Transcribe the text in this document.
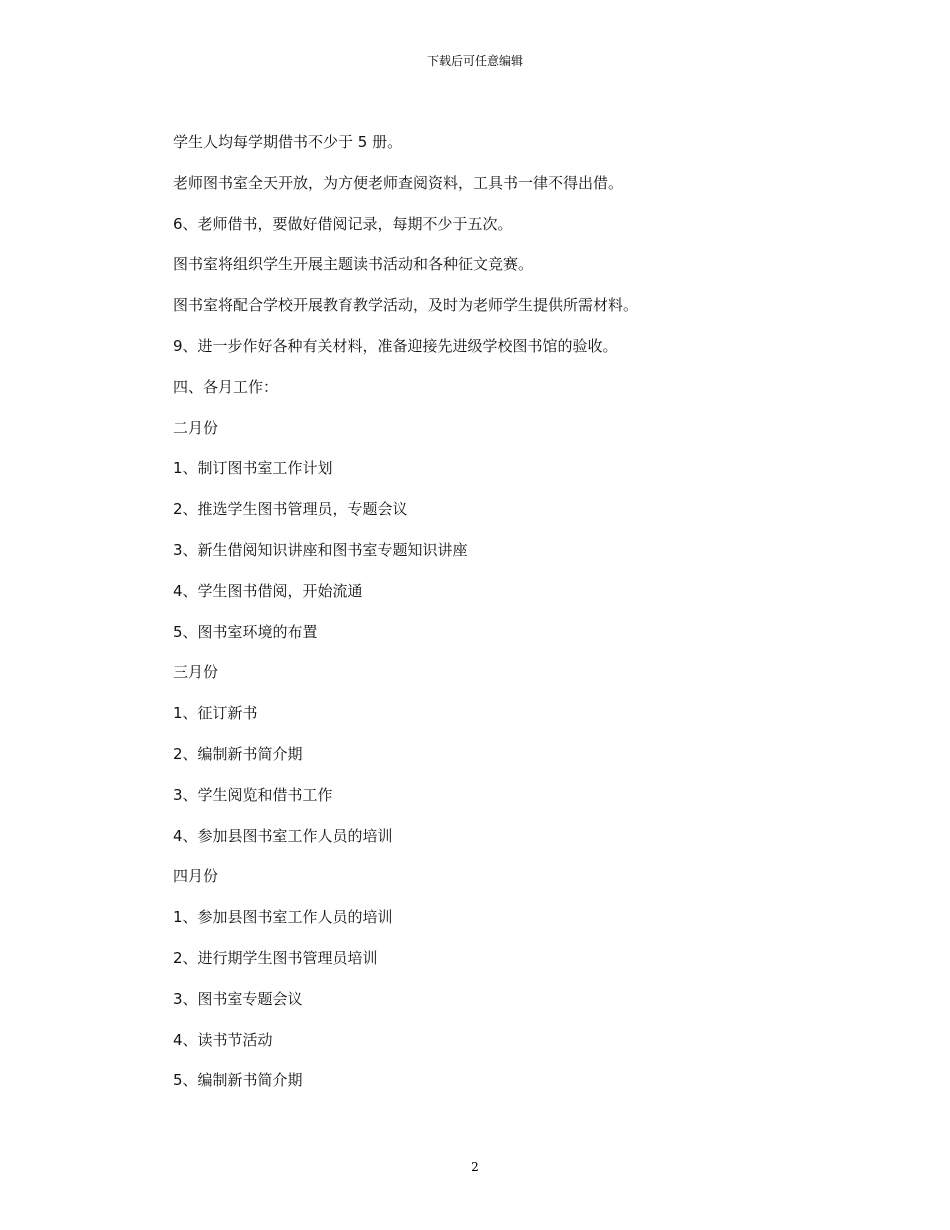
下载后可任意编辑
学生人均每学期借书不少于 5 册。
老师图书室全天开放，为方便老师查阅资料，工具书一律不得出借。
6、老师借书，要做好借阅记录，每期不少于五次。
图书室将组织学生开展主题读书活动和各种征文竞赛。
图书室将配合学校开展教育教学活动，及时为老师学生提供所需材料。
9、进一步作好各种有关材料，准备迎接先进级学校图书馆的验收。
四、各月工作：
二月份
1、制订图书室工作计划
2、推选学生图书管理员，专题会议
3、新生借阅知识讲座和图书室专题知识讲座
4、学生图书借阅，开始流通
5、图书室环境的布置
三月份
1、征订新书
2、编制新书简介期
3、学生阅览和借书工作
4、参加县图书室工作人员的培训
四月份
1、参加县图书室工作人员的培训
2、进行期学生图书管理员培训
3、图书室专题会议
4、读书节活动
5、编制新书简介期
2
